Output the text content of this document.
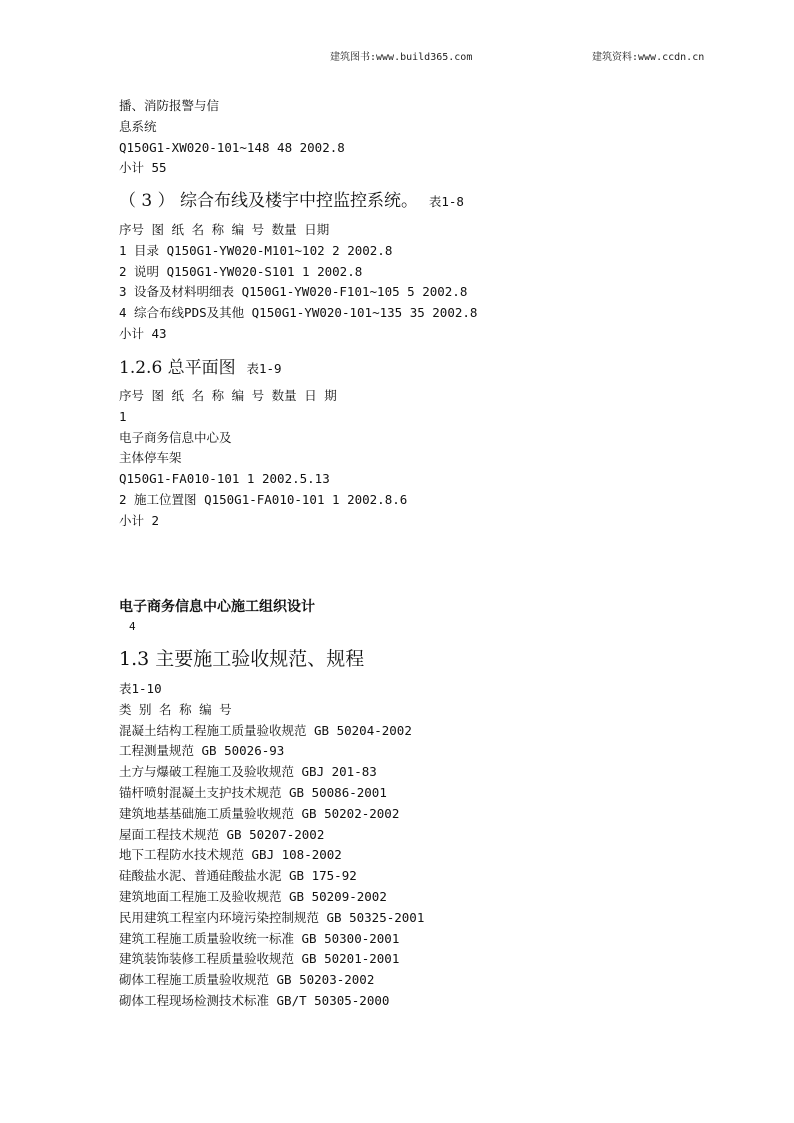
建筑图书:www.build365.com	建筑资料:www.ccdn.cn
播、消防报警与信
息系统
Q150G1-XW020-101~148 48 2002.8
小计 55
（ 3 ） 综合布线及楼宇中控监控系统。 表1-8
序号 图 纸 名 称 编 号 数量 日期
1 目录 Q150G1-YW020-M101~102 2 2002.8
2 说明 Q150G1-YW020-S101 1 2002.8
3 设备及材料明细表 Q150G1-YW020-F101~105 5 2002.8
4 综合布线PDS及其他 Q150G1-YW020-101~135 35 2002.8
小计 43
1.2.6 总平面图 表1-9
序号 图 纸 名 称 编 号 数量 日 期
1
电子商务信息中心及
主体停车架
Q150G1-FA010-101 1 2002.5.13
2 施工位置图 Q150G1-FA010-101 1 2002.8.6
小计 2
电子商务信息中心施工组织设计
4
1.3 主要施工验收规范、规程
表1-10
类 别 名 称 编 号
混凝土结构工程施工质量验收规范 GB 50204-2002
工程测量规范 GB 50026-93
土方与爆破工程施工及验收规范 GBJ 201-83
锚杆喷射混凝土支护技术规范 GB 50086-2001
建筑地基基础施工质量验收规范 GB 50202-2002
屋面工程技术规范 GB 50207-2002
地下工程防水技术规范 GBJ 108-2002
硅酸盐水泥、普通硅酸盐水泥 GB 175-92
建筑地面工程施工及验收规范 GB 50209-2002
民用建筑工程室内环境污染控制规范 GB 50325-2001
建筑工程施工质量验收统一标准 GB 50300-2001
建筑装饰装修工程质量验收规范 GB 50201-2001
砌体工程施工质量验收规范 GB 50203-2002
砌体工程现场检测技术标准 GB/T 50305-2000
